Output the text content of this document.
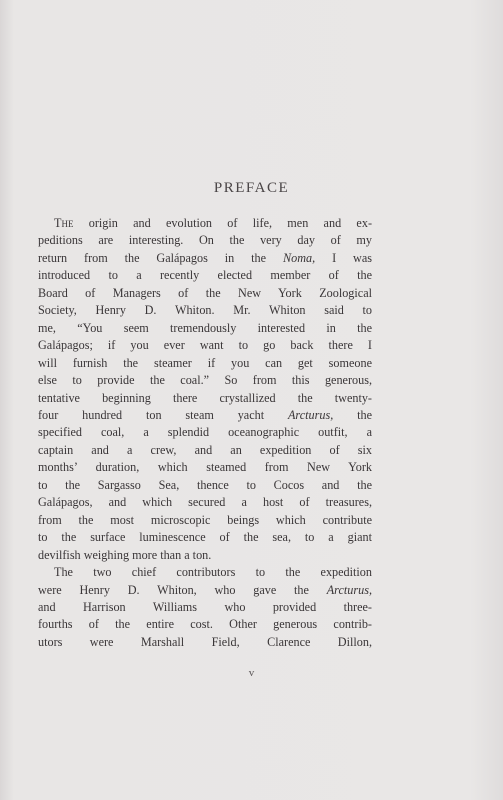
PREFACE
The origin and evolution of life, men and ex-
peditions are interesting. On the very day of my
return from the Galápagos in the Noma, I was
introduced to a recently elected member of the
Board of Managers of the New York Zoological
Society, Henry D. Whiton. Mr. Whiton said to
me, “You seem tremendously interested in the
Galápagos; if you ever want to go back there I
will furnish the steamer if you can get someone
else to provide the coal.” So from this generous,
tentative beginning there crystallized the twenty-
four hundred ton steam yacht Arcturus, the
specified coal, a splendid oceanographic outfit, a
captain and a crew, and an expedition of six
months’ duration, which steamed from New York
to the Sargasso Sea, thence to Cocos and the
Galápagos, and which secured a host of treasures,
from the most microscopic beings which contribute
to the surface luminescence of the sea, to a giant
devilfish weighing more than a ton.
The two chief contributors to the expedition
were Henry D. Whiton, who gave the Arcturus,
and Harrison Williams who provided three-
fourths of the entire cost. Other generous contrib-
utors were Marshall Field, Clarence Dillon,
v
